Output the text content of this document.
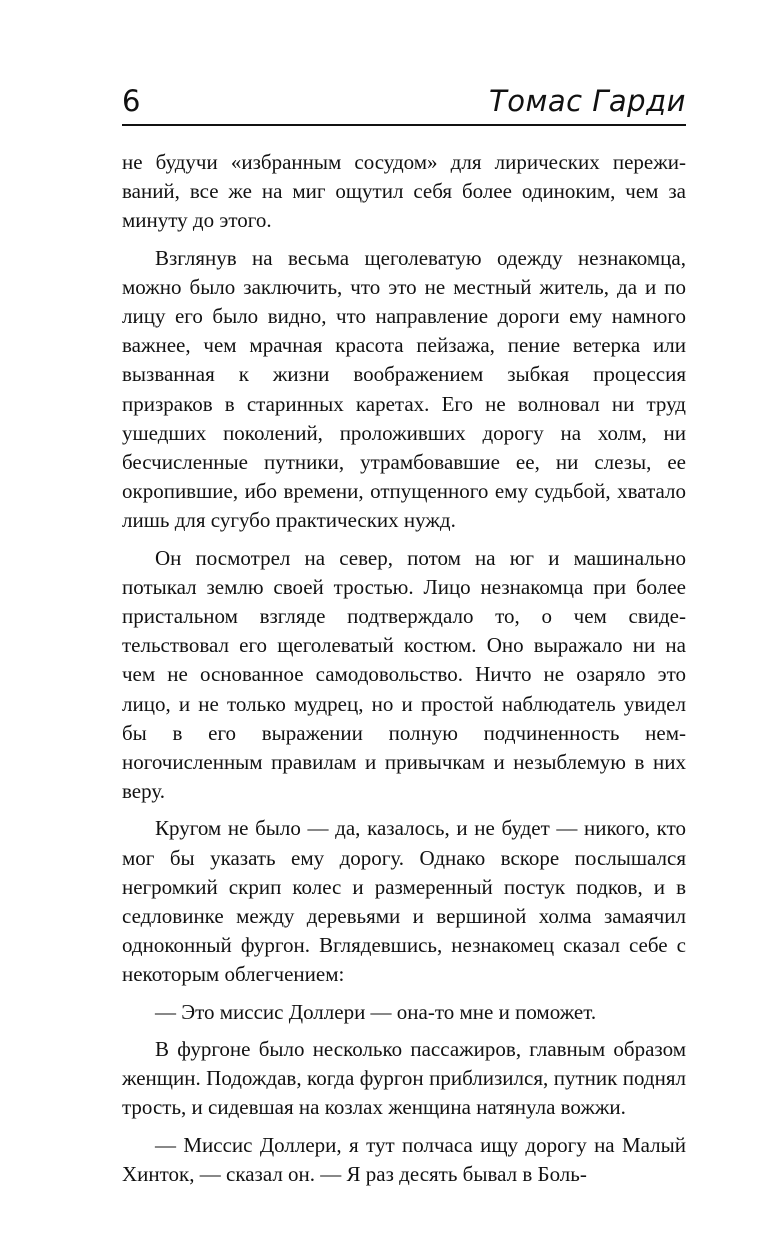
6	Томас Гарди

не будучи «избранным сосудом» для лирических переживаний, все же на миг ощутил себя более одиноким, чем за минуту до этого.

Взглянув на весьма щеголеватую одежду незнакомца, можно было заключить, что это не местный житель, да и по лицу его было видно, что направление дороги ему намного важнее, чем мрачная красота пейзажа, пение ветерка или вызванная к жизни воображением зыбкая процессия призраков в старинных каретах. Его не волновал ни труд ушедших поколений, проложивших дорогу на холм, ни бесчисленные путники, утрамбовавшие ее, ни слезы, ее окропившие, ибо времени, отпущенного ему судьбой, хватало лишь для сугубо практических нужд.

Он посмотрел на север, потом на юг и машинально потыкал землю своей тростью. Лицо незнакомца при более пристальном взгляде подтверждало то, о чем свидетельствовал его щеголеватый костюм. Оно выражало ни на чем не основанное самодовольство. Ничто не озаряло это лицо, и не только мудрец, но и простой наблюдатель увидел бы в его выражении полную подчиненность немногочисленным правилам и привычкам и незыблемую в них веру.

Кругом не было — да, казалось, и не будет — никого, кто мог бы указать ему дорогу. Однако вскоре послышался негромкий скрип колес и размеренный постук подков, и в седловинке между деревьями и вершиной холма замаячил одноконный фургон. Вглядевшись, незнакомец сказал себе с некоторым облегчением:

— Это миссис Доллери — она-то мне и поможет.

В фургоне было несколько пассажиров, главным образом женщин. Подождав, когда фургон приблизился, путник поднял трость, и сидевшая на козлах женщина натянула вожжи.

— Миссис Доллери, я тут полчаса ищу дорогу на Малый Хинток, — сказал он. — Я раз десять бывал в Боль-
